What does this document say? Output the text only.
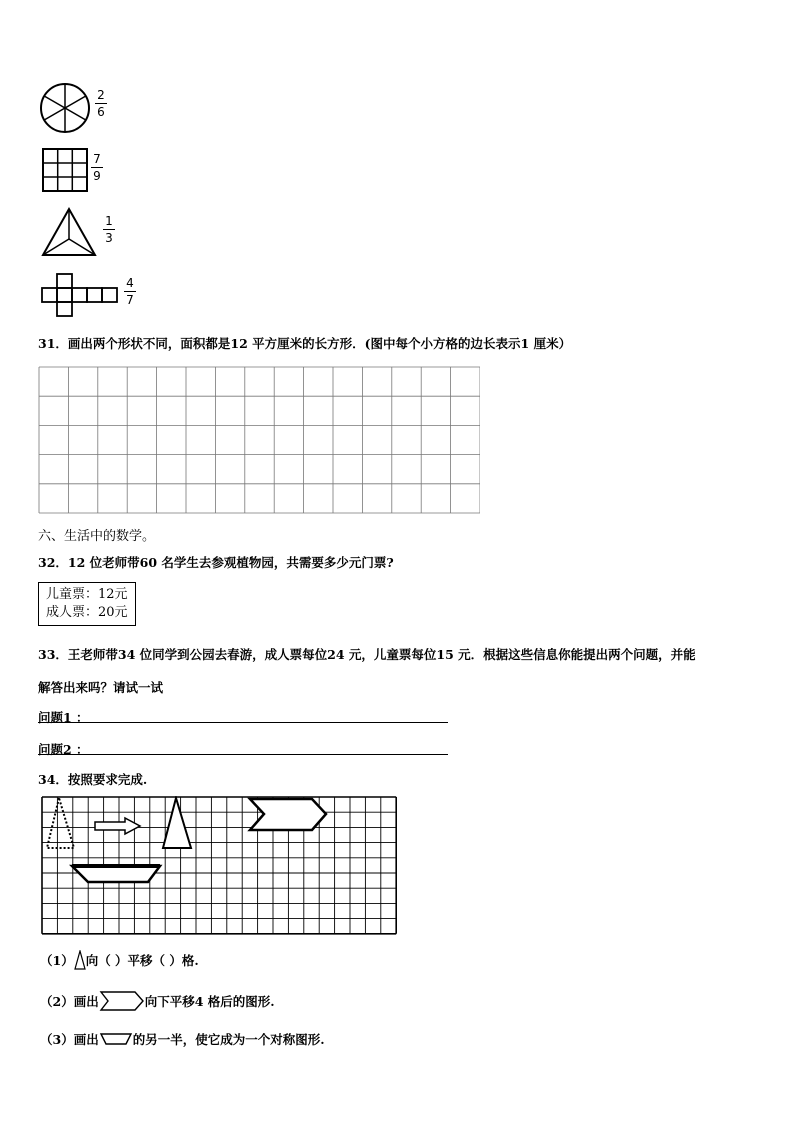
2
6
7
9
1
3
4
7
31．画出两个形状不同，面积都是12 平方厘米的长方形．(图中每个小方格的边长表示1 厘米）
六、生活中的数学。
32．12 位老师带60 名学生去参观植物园，共需要多少元门票?
儿童票：12元
成人票：20元
33．王老师带34 位同学到公园去春游，成人票每位24 元，儿童票每位15 元．根据这些信息你能提出两个问题，并能
解答出来吗？请试一试
问题1 ：
问题2 ：
34．按照要求完成.
（1） 向（ ）平移（ ）格.
（2）画出	向下平移4 格后的图形.
（3）画出	的另一半，使它成为一个对称图形.
